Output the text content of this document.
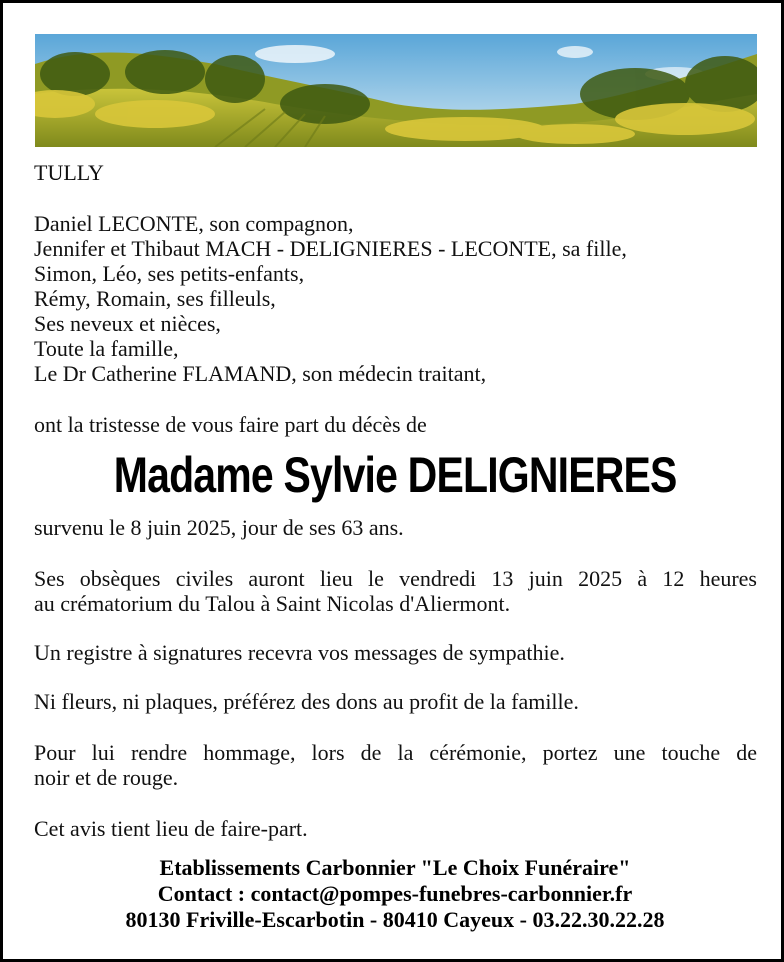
TULLY
Daniel LECONTE, son compagnon,
Jennifer et Thibaut MACH - DELIGNIERES - LECONTE, sa fille,
Simon, Léo, ses petits-enfants,
Rémy, Romain, ses filleuls,
Ses neveux et nièces,
Toute la famille,
Le Dr Catherine FLAMAND, son médecin traitant,
ont la tristesse de vous faire part du décès de
Madame Sylvie DELIGNIERES
survenu le 8 juin 2025, jour de ses 63 ans.
Ses obsèques civiles auront lieu le vendredi 13 juin 2025 à 12 heures
au crématorium du Talou à Saint Nicolas d'Aliermont.
Un registre à signatures recevra vos messages de sympathie.
Ni fleurs, ni plaques, préférez des dons au profit de la famille.
Pour lui rendre hommage, lors de la cérémonie, portez une touche de
noir et de rouge.
Cet avis tient lieu de faire-part.
Etablissements Carbonnier "Le Choix Funéraire"
Contact : contact@pompes-funebres-carbonnier.fr
80130 Friville-Escarbotin - 80410 Cayeux - 03.22.30.22.28
